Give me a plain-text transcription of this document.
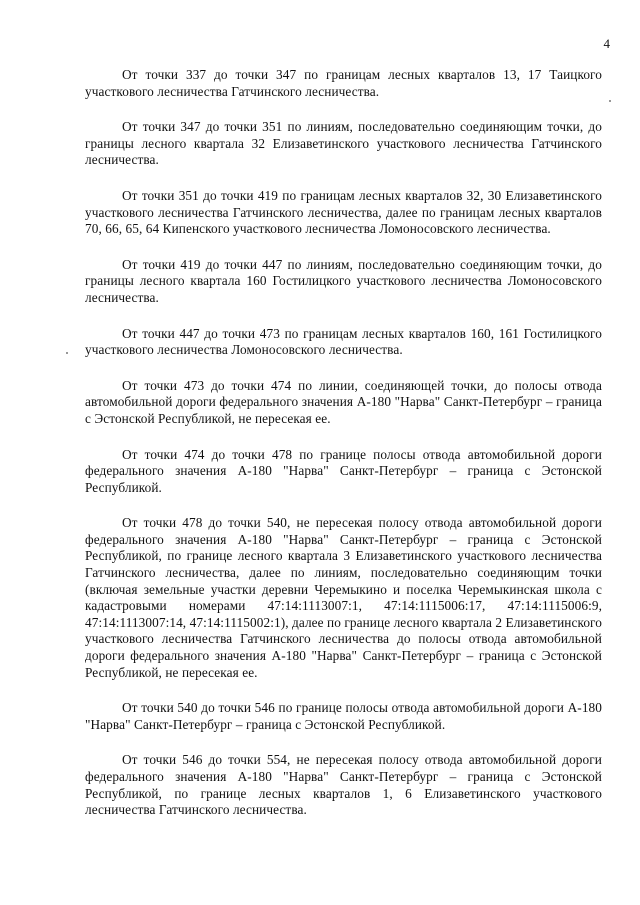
4

От точки 337 до точки 347 по границам лесных кварталов 13, 17 Таицкого участкового лесничества Гатчинского лесничества.

От точки 347 до точки 351 по линиям, последовательно соединяющим точки, до границы лесного квартала 32 Елизаветинского участкового лесничества Гатчинского лесничества.

От точки 351 до точки 419 по границам лесных кварталов 32, 30 Елизаветинского участкового лесничества Гатчинского лесничества, далее по границам лесных кварталов 70, 66, 65, 64 Кипенского участкового лесничества Ломоносовского лесничества.

От точки 419 до точки 447 по линиям, последовательно соединяющим точки, до границы лесного квартала 160 Гостилицкого участкового лесничества Ломоносовского лесничества.

От точки 447 до точки 473 по границам лесных кварталов 160, 161 Гостилицкого участкового лесничества Ломоносовского лесничества.

От точки 473 до точки 474 по линии, соединяющей точки, до полосы отвода автомобильной дороги федерального значения А-180 "Нарва" Санкт-Петербург – граница с Эстонской Республикой, не пересекая ее.

От точки 474 до точки 478 по границе полосы отвода автомобильной дороги федерального значения А-180 "Нарва" Санкт-Петербург – граница с Эстонской Республикой.

От точки 478 до точки 540, не пересекая полосу отвода автомобильной дороги федерального значения А-180 "Нарва" Санкт-Петербург – граница с Эстонской Республикой, по границе лесного квартала 3 Елизаветинского участкового лесничества Гатчинского лесничества, далее по линиям, последовательно соединяющим точки (включая земельные участки деревни Черемыкино и поселка Черемыкинская школа с кадастровыми номерами 47:14:1113007:1, 47:14:1115006:17, 47:14:1115006:9, 47:14:1113007:14, 47:14:1115002:1), далее по границе лесного квартала 2 Елизаветинского участкового лесничества Гатчинского лесничества до полосы отвода автомобильной дороги федерального значения А-180 "Нарва" Санкт-Петербург – граница с Эстонской Республикой, не пересекая ее.

От точки 540 до точки 546 по границе полосы отвода автомобильной дороги А-180 "Нарва" Санкт-Петербург – граница с Эстонской Республикой.

От точки 546 до точки 554, не пересекая полосу отвода автомобильной дороги федерального значения А-180 "Нарва" Санкт-Петербург – граница с Эстонской Республикой, по границе лесных кварталов 1, 6 Елизаветинского участкового лесничества Гатчинского лесничества.
